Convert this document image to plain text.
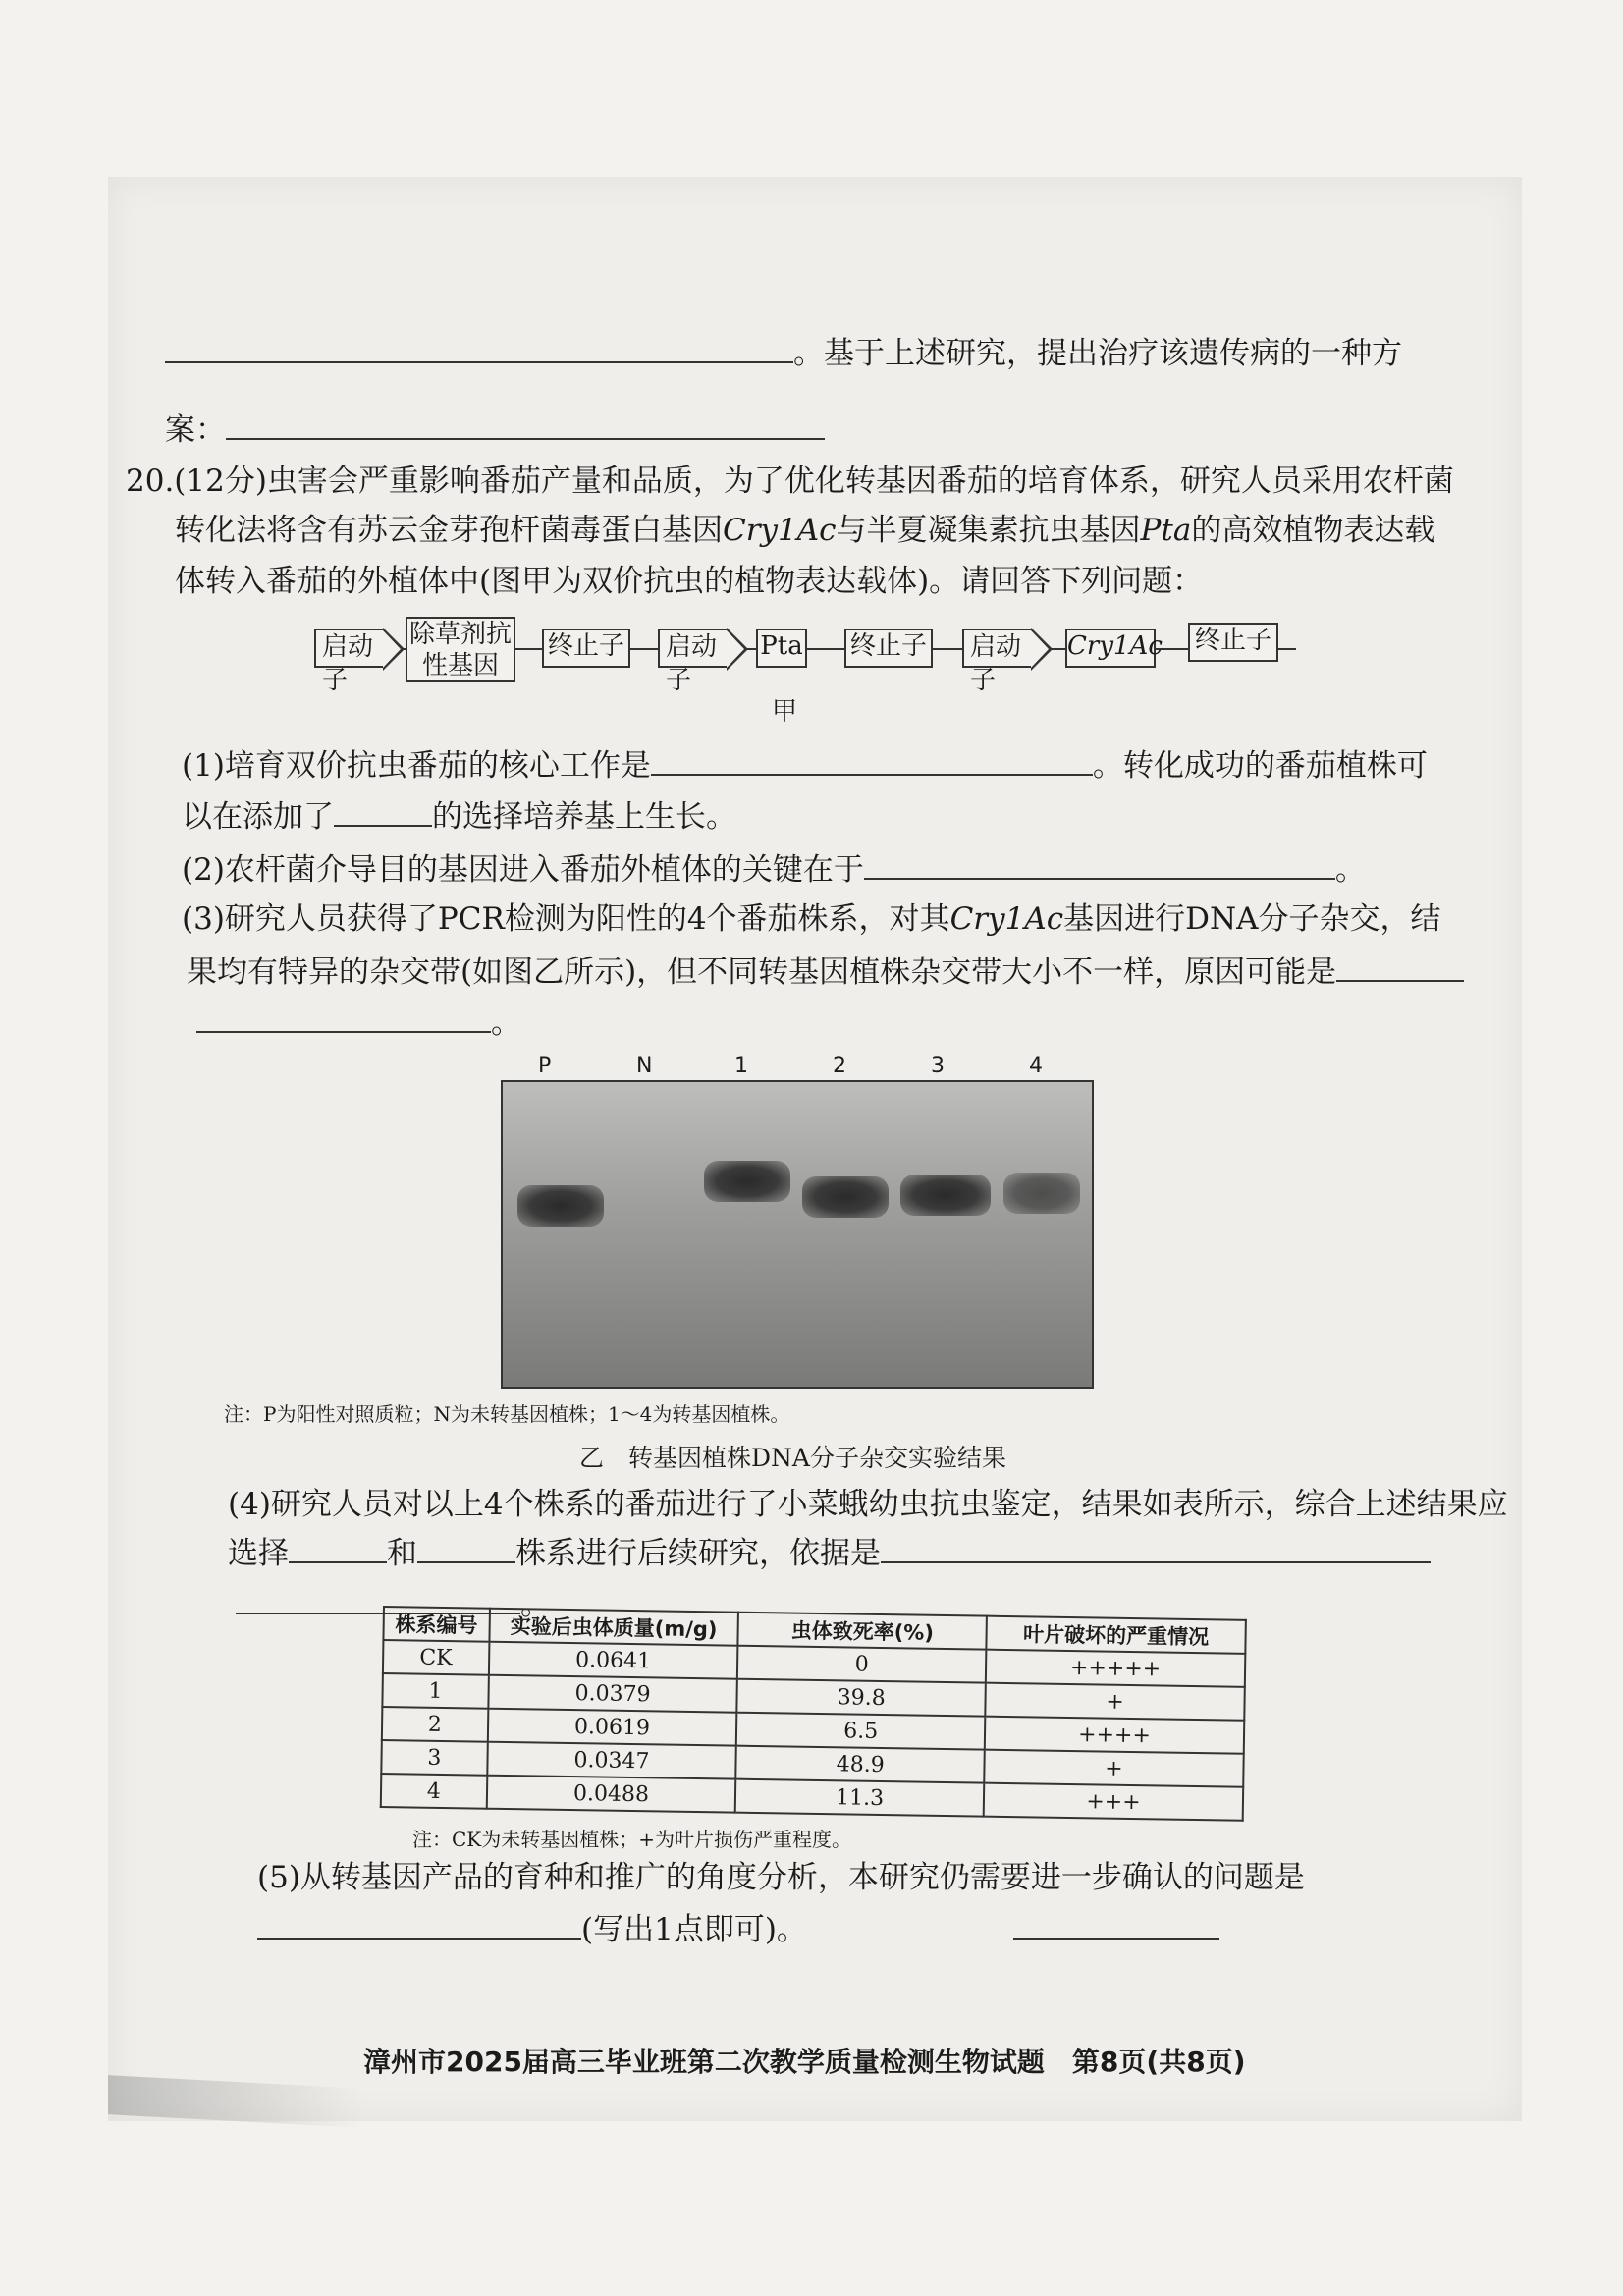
。基于上述研究，提出治疗该遗传病的一种方
案：
20.(12分)虫害会严重影响番茄产量和品质，为了优化转基因番茄的培育体系，研究人员采用农杆菌
转化法将含有苏云金芽孢杆菌毒蛋白基因Cry1Ac与半夏凝集素抗虫基因Pta的高效植物表达载
体转入番茄的外植体中(图甲为双价抗虫的植物表达载体)。请回答下列问题：
启动子
除草剂抗
性基因
终止子	启动子
Pta 终止子	启动子
Cry1Ac 终止子
甲
(1)培育双价抗虫番茄的核心工作是	。转化成功的番茄植株可
以在添加了	的选择培养基上生长。
(2)农杆菌介导目的基因进入番茄外植体的关键在于	。
(3)研究人员获得了PCR检测为阳性的4个番茄株系，对其Cry1Ac基因进行DNA分子杂交，结
果均有特异的杂交带(如图乙所示)，但不同转基因植株杂交带大小不一样，原因可能是
。
P	N	1	2	3	4
注：P为阳性对照质粒；N为未转基因植株；1～4为转基因植株。
乙　转基因植株DNA分子杂交实验结果
(4)研究人员对以上4个株系的番茄进行了小菜蛾幼虫抗虫鉴定，结果如表所示，综合上述结果应
选择	和	株系进行后续研究，依据是
。
株系编号	实验后虫体质量(m/g)	虫体致死率(%)	叶片破坏的严重情况
CK	0.0641	0	+++++
1	0.0379	39.8	+
2	0.0619	6.5	++++
3	0.0347	48.9	+
4	0.0488	11.3	+++
注：CK为未转基因植株；+为叶片损伤严重程度。
(5)从转基因产品的育种和推广的角度分析，本研究仍需要进一步确认的问题是
(写出1点即可)。
漳州市2025届高三毕业班第二次教学质量检测生物试题　第8页(共8页)
